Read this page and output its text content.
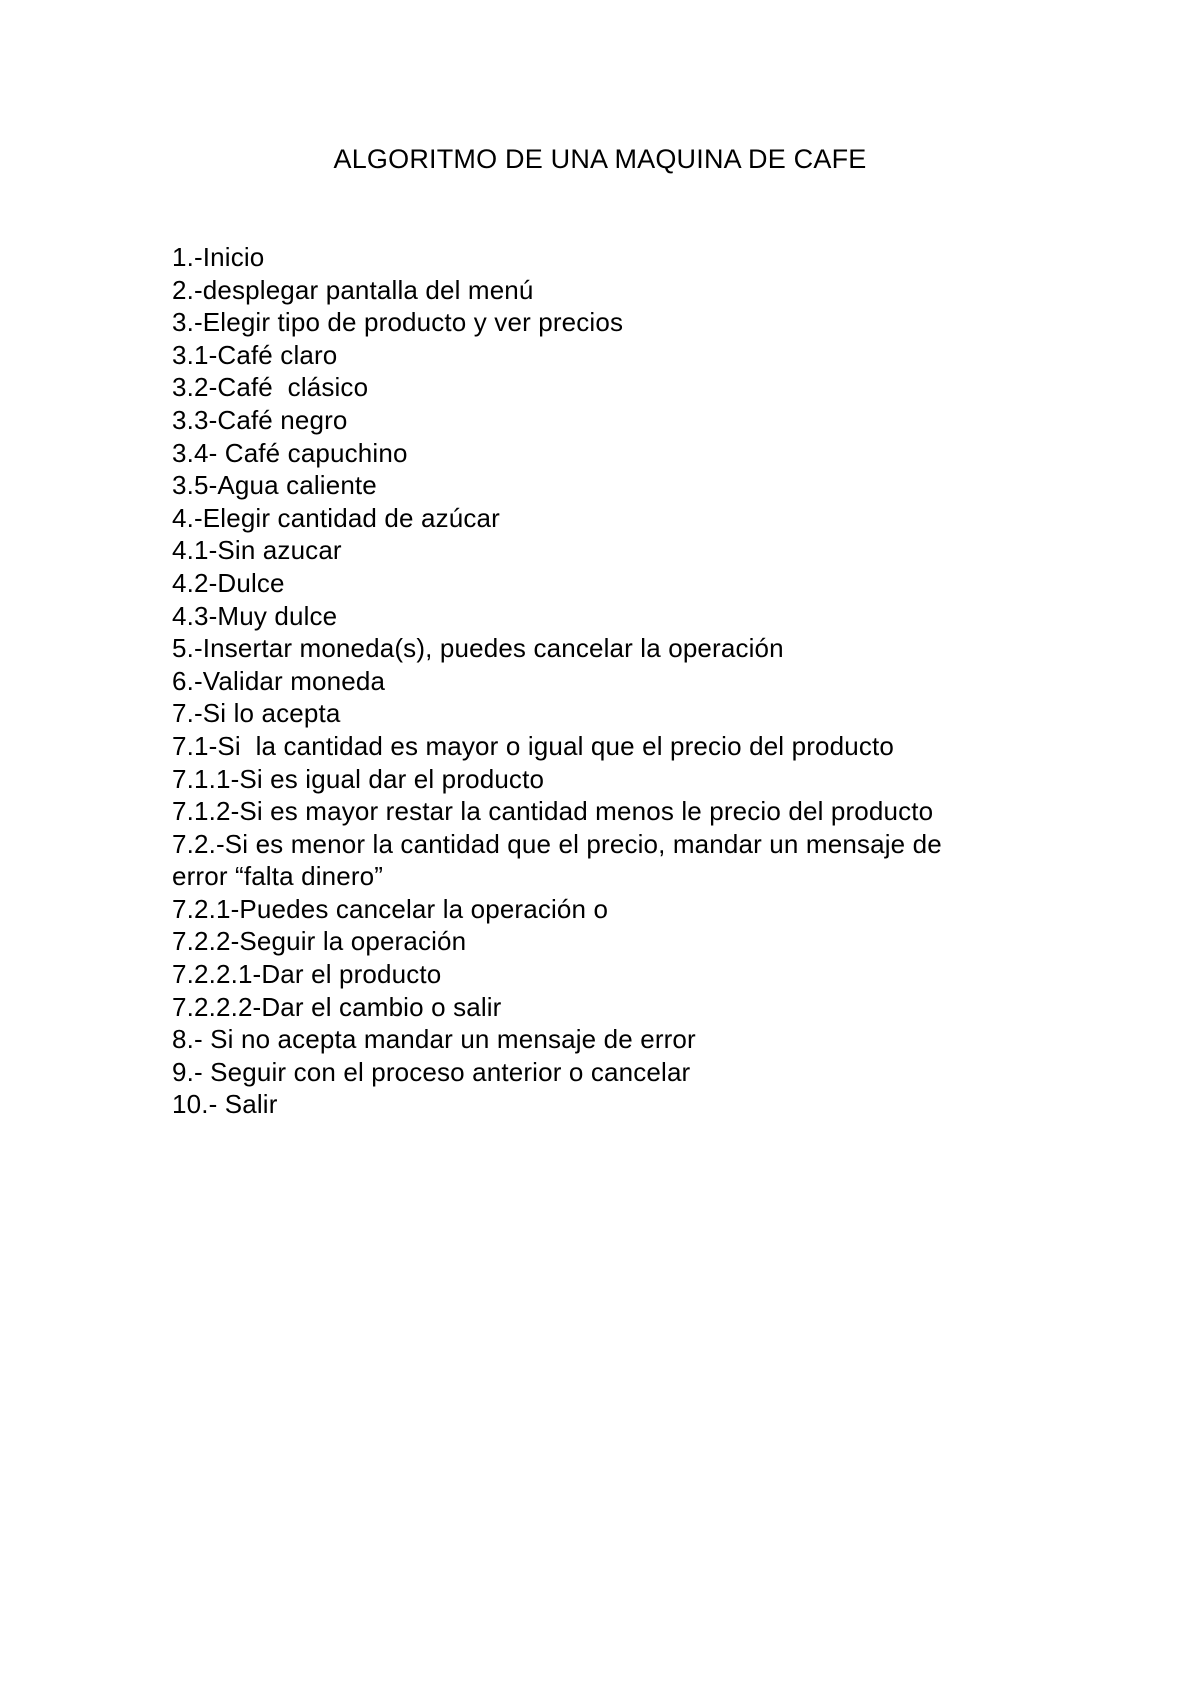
ALGORITMO DE UNA MAQUINA DE CAFE
1.-Inicio
2.-desplegar pantalla del menú
3.-Elegir tipo de producto y ver precios
3.1-Café claro
3.2-Café  clásico
3.3-Café negro
3.4- Café capuchino
3.5-Agua caliente
4.-Elegir cantidad de azúcar
4.1-Sin azucar
4.2-Dulce
4.3-Muy dulce
5.-Insertar moneda(s), puedes cancelar la operación
6.-Validar moneda
7.-Si lo acepta
7.1-Si  la cantidad es mayor o igual que el precio del producto
7.1.1-Si es igual dar el producto
7.1.2-Si es mayor restar la cantidad menos le precio del producto
7.2.-Si es menor la cantidad que el precio, mandar un mensaje de
error “falta dinero”
7.2.1-Puedes cancelar la operación o
7.2.2-Seguir la operación
7.2.2.1-Dar el producto
7.2.2.2-Dar el cambio o salir
8.- Si no acepta mandar un mensaje de error
9.- Seguir con el proceso anterior o cancelar
10.- Salir
